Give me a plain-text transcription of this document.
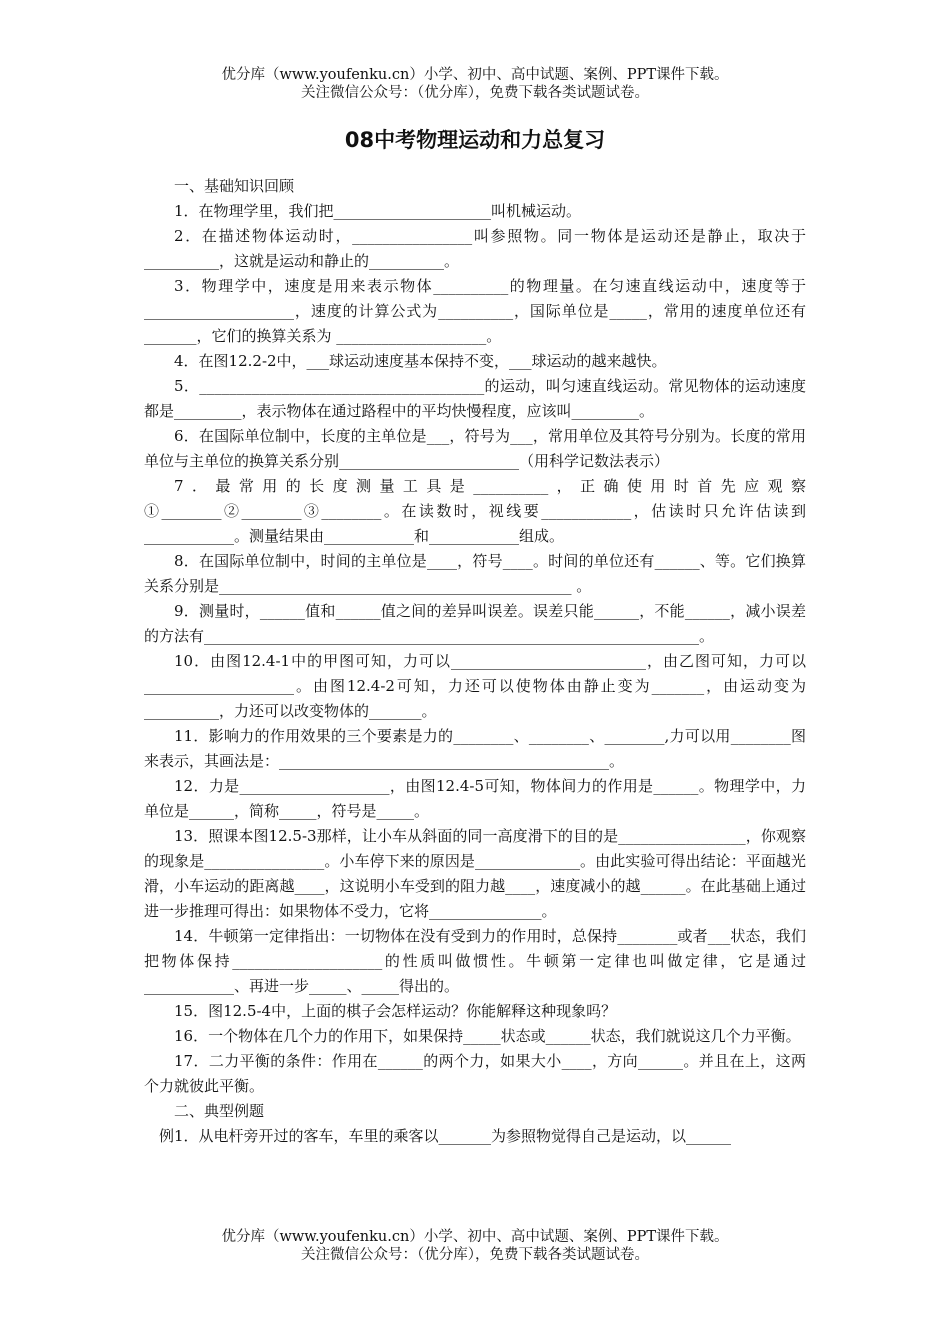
优分库（www.youfenku.cn）小学、初中、高中试题、案例、PPT课件下载。
关注微信公众号：（优分库），免费下载各类试题试卷。
08中考物理运动和力总复习
一、基础知识回顾
1．在物理学里，我们把_____________________叫机械运动。
2．在描述物体运动时，________________叫参照物。同一物体是运动还是静止，取决于__________，这就是运动和静止的__________。
3．物理学中，速度是用来表示物体__________的物理量。在匀速直线运动中，速度等于____________________，速度的计算公式为__________，国际单位是_____，常用的速度单位还有_______，它们的换算关系为 ____________________。
4．在图12.2-2中，___球运动速度基本保持不变，___球运动的越来越快。
5．______________________________________的运动，叫匀速直线运动。常见物体的运动速度都是_________，表示物体在通过路程中的平均快慢程度，应该叫_________。
6．在国际单位制中，长度的主单位是___，符号为___，常用单位及其符号分别为。长度的常用单位与主单位的换算关系分别________________________（用科学记数法表示）
7．最常用的长度测量工具是__________，正确使用时首先应观察①________②________③________。在读数时，视线要____________，估读时只允许估读到____________。测量结果由____________和____________组成。
8．在国际单位制中，时间的主单位是____，符号____。时间的单位还有______、等。它们换算关系分别是_______________________________________________ 。
9．测量时，______值和______值之间的差异叫误差。误差只能______，不能______，减小误差的方法有__________________________________________________________________。
10．由图12.4-1中的甲图可知，力可以__________________________，由乙图可知，力可以____________________。由图12.4-2可知，力还可以使物体由静止变为_______，由运动变为__________，力还可以改变物体的_______。
11．影响力的作用效果的三个要素是力的________、________、________,力可以用________图来表示，其画法是：____________________________________________。
12．力是____________________，由图12.4-5可知，物体间力的作用是______。物理学中，力单位是______，简称_____，符号是_____。
13．照课本图12.5-3那样，让小车从斜面的同一高度滑下的目的是_________________，你观察的现象是________________。小车停下来的原因是______________。由此实验可得出结论：平面越光滑，小车运动的距离越____，这说明小车受到的阻力越____，速度减小的越______。在此基础上通过进一步推理可得出：如果物体不受力，它将_______________。
14．牛顿第一定律指出：一切物体在没有受到力的作用时，总保持________或者___状态，我们把物体保持____________________的性质叫做惯性。牛顿第一定律也叫做定律，它是通过____________、再进一步_____、_____得出的。
15．图12.5-4中，上面的棋子会怎样运动？你能解释这种现象吗？
16．一个物体在几个力的作用下，如果保持_____状态或______状态，我们就说这几个力平衡。
17．二力平衡的条件：作用在______的两个力，如果大小____，方向______。并且在上，这两个力就彼此平衡。
二、典型例题
例1．从电杆旁开过的客车，车里的乘客以_______为参照物觉得自己是运动，以______
优分库（www.youfenku.cn）小学、初中、高中试题、案例、PPT课件下载。
关注微信公众号：（优分库），免费下载各类试题试卷。
